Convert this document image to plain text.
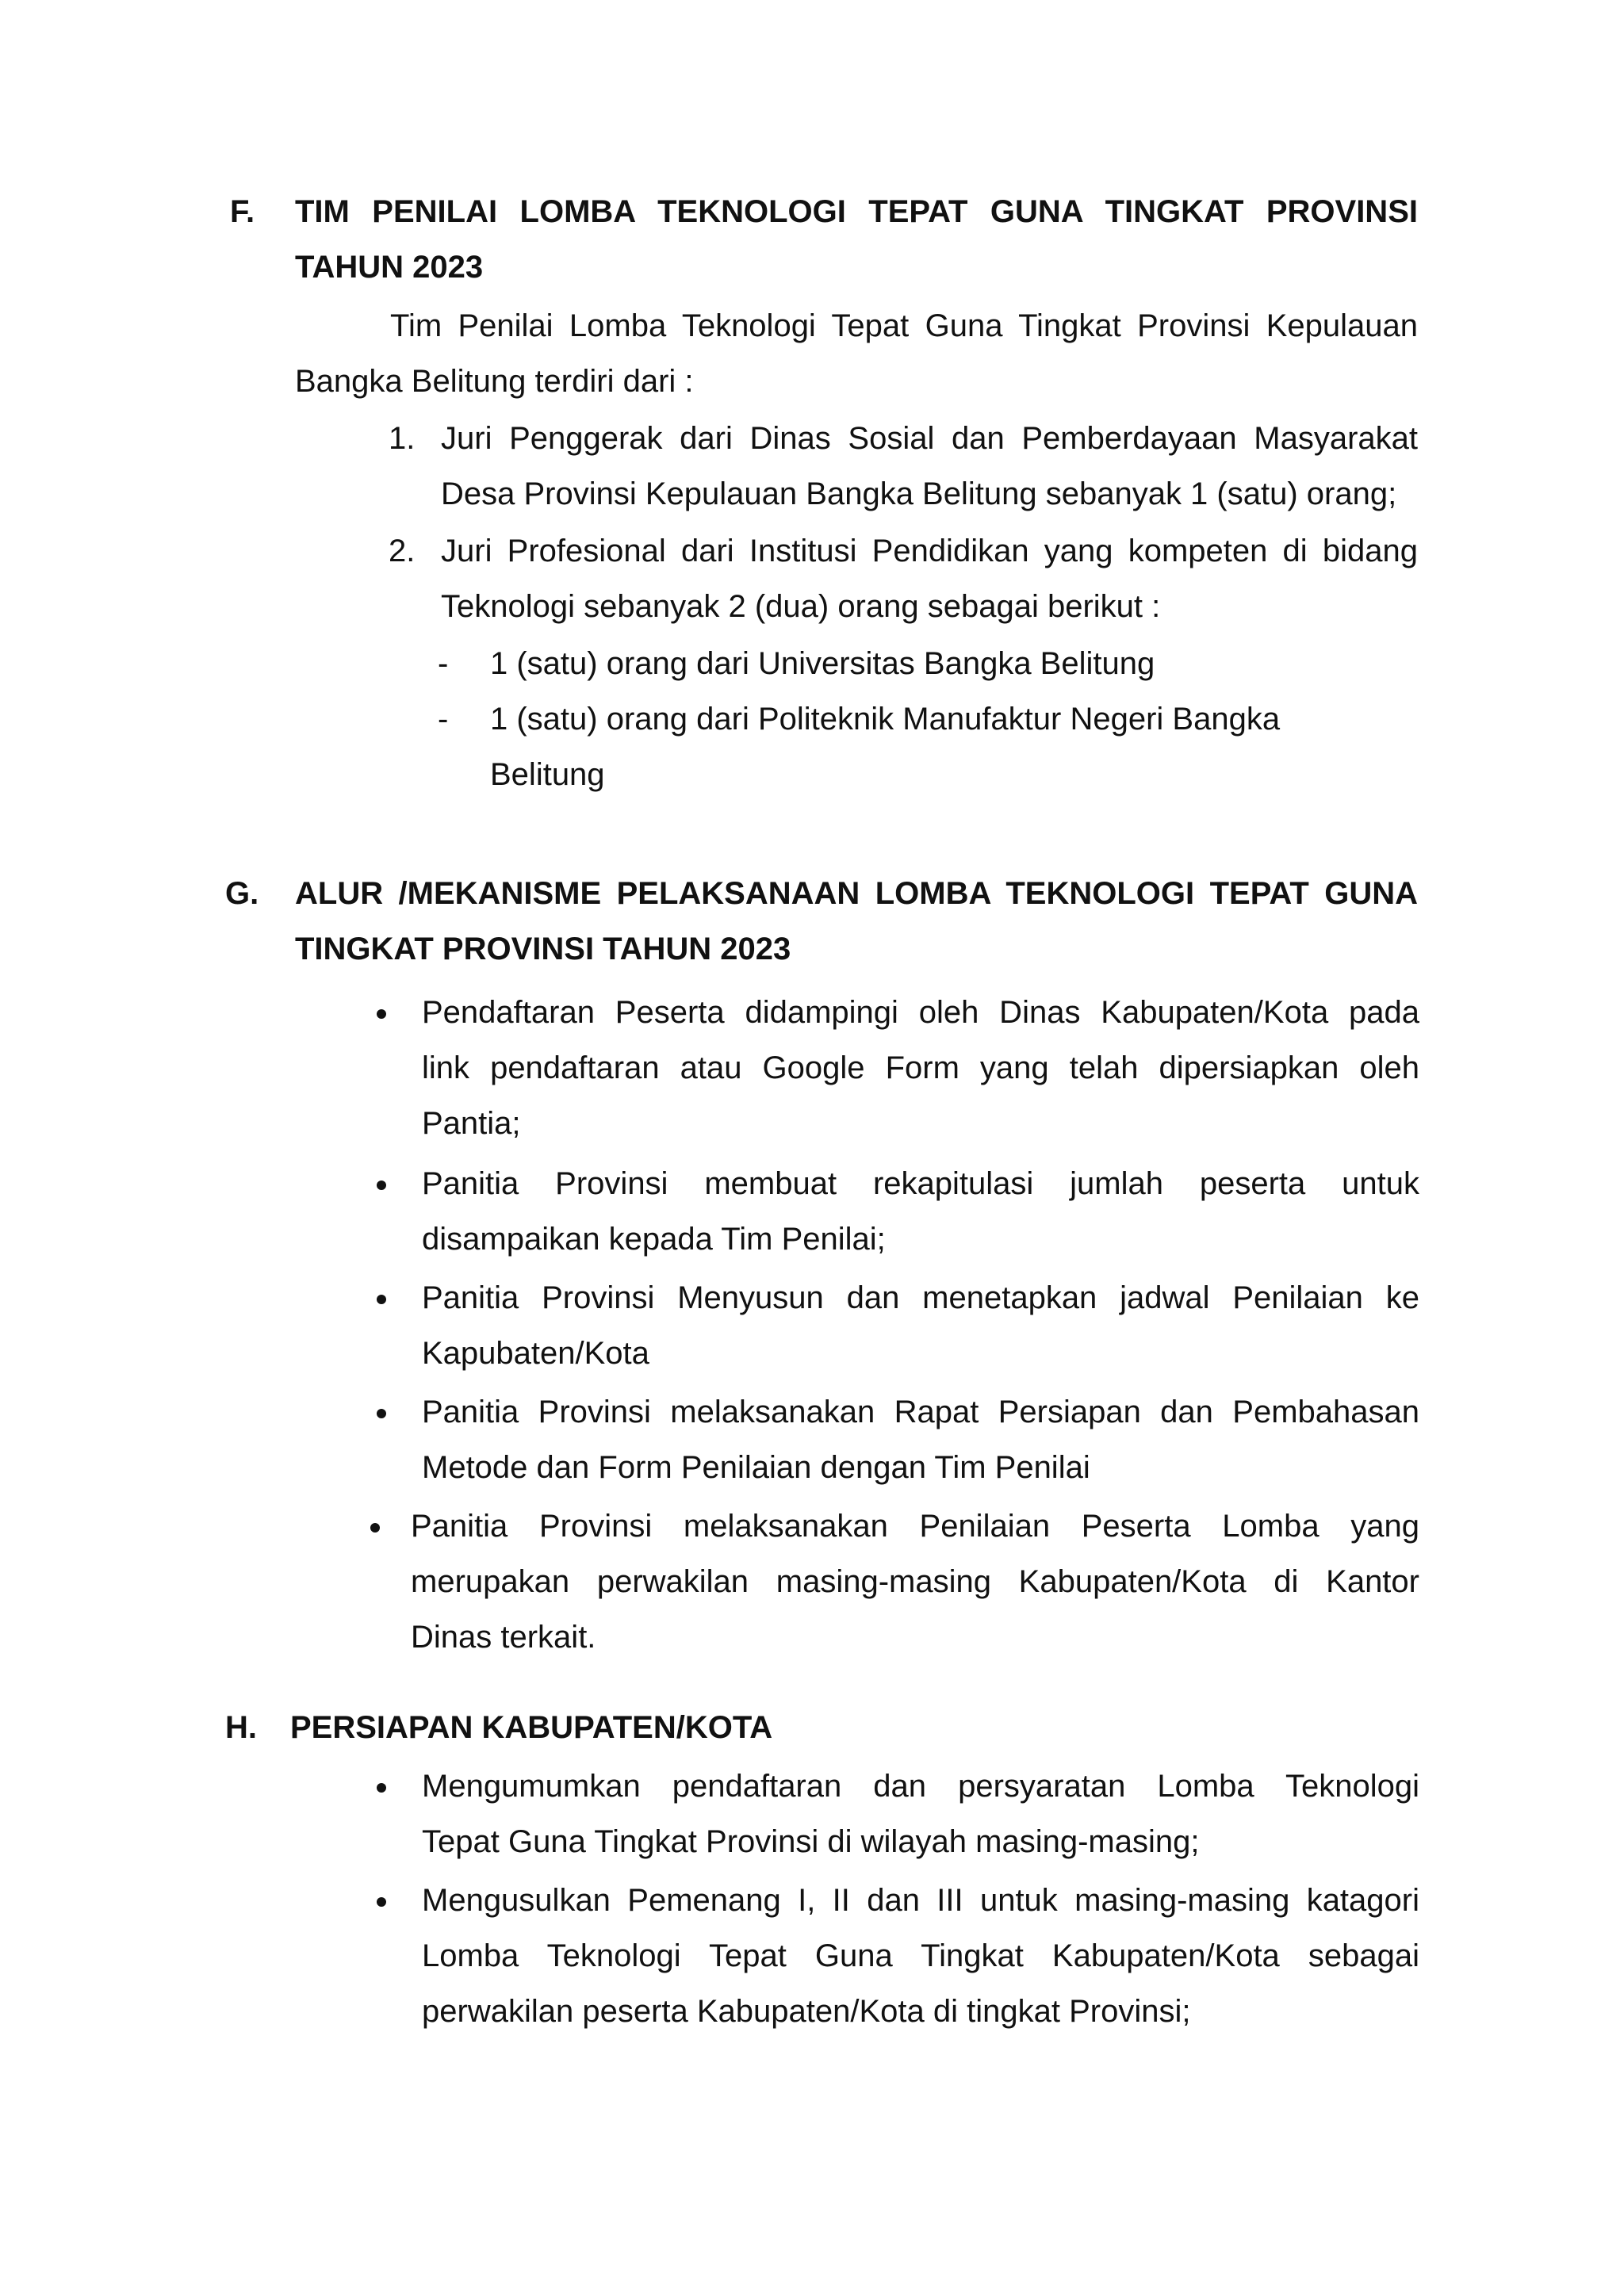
F. TIM PENILAI LOMBA TEKNOLOGI TEPAT GUNA TINGKAT PROVINSI
TAHUN 2023
Tim Penilai Lomba Teknologi Tepat Guna Tingkat Provinsi Kepulauan
Bangka Belitung terdiri dari :
1. Juri Penggerak dari Dinas Sosial dan Pemberdayaan Masyarakat
Desa Provinsi Kepulauan Bangka Belitung sebanyak 1 (satu) orang;
2. Juri Profesional dari Institusi Pendidikan yang kompeten di bidang
Teknologi sebanyak 2 (dua) orang sebagai berikut :
- 1 (satu) orang dari Universitas Bangka Belitung
- 1 (satu) orang dari Politeknik Manufaktur Negeri Bangka
Belitung
G. ALUR /MEKANISME PELAKSANAAN LOMBA TEKNOLOGI TEPAT GUNA
TINGKAT PROVINSI TAHUN 2023
Pendaftaran Peserta didampingi oleh Dinas Kabupaten/Kota pada
link pendaftaran atau Google Form yang telah dipersiapkan oleh
Pantia;
Panitia Provinsi membuat rekapitulasi jumlah peserta untuk
disampaikan kepada Tim Penilai;
Panitia Provinsi Menyusun dan menetapkan jadwal Penilaian ke
Kapubaten/Kota
Panitia Provinsi melaksanakan Rapat Persiapan dan Pembahasan
Metode dan Form Penilaian dengan Tim Penilai
Panitia Provinsi melaksanakan Penilaian Peserta Lomba yang
merupakan perwakilan masing-masing Kabupaten/Kota di Kantor
Dinas terkait.
H. PERSIAPAN KABUPATEN/KOTA
Mengumumkan pendaftaran dan persyaratan Lomba Teknologi
Tepat Guna Tingkat Provinsi di wilayah masing-masing;
Mengusulkan Pemenang I, II dan III untuk masing-masing katagori
Lomba Teknologi Tepat Guna Tingkat Kabupaten/Kota sebagai
perwakilan peserta Kabupaten/Kota di tingkat Provinsi;
